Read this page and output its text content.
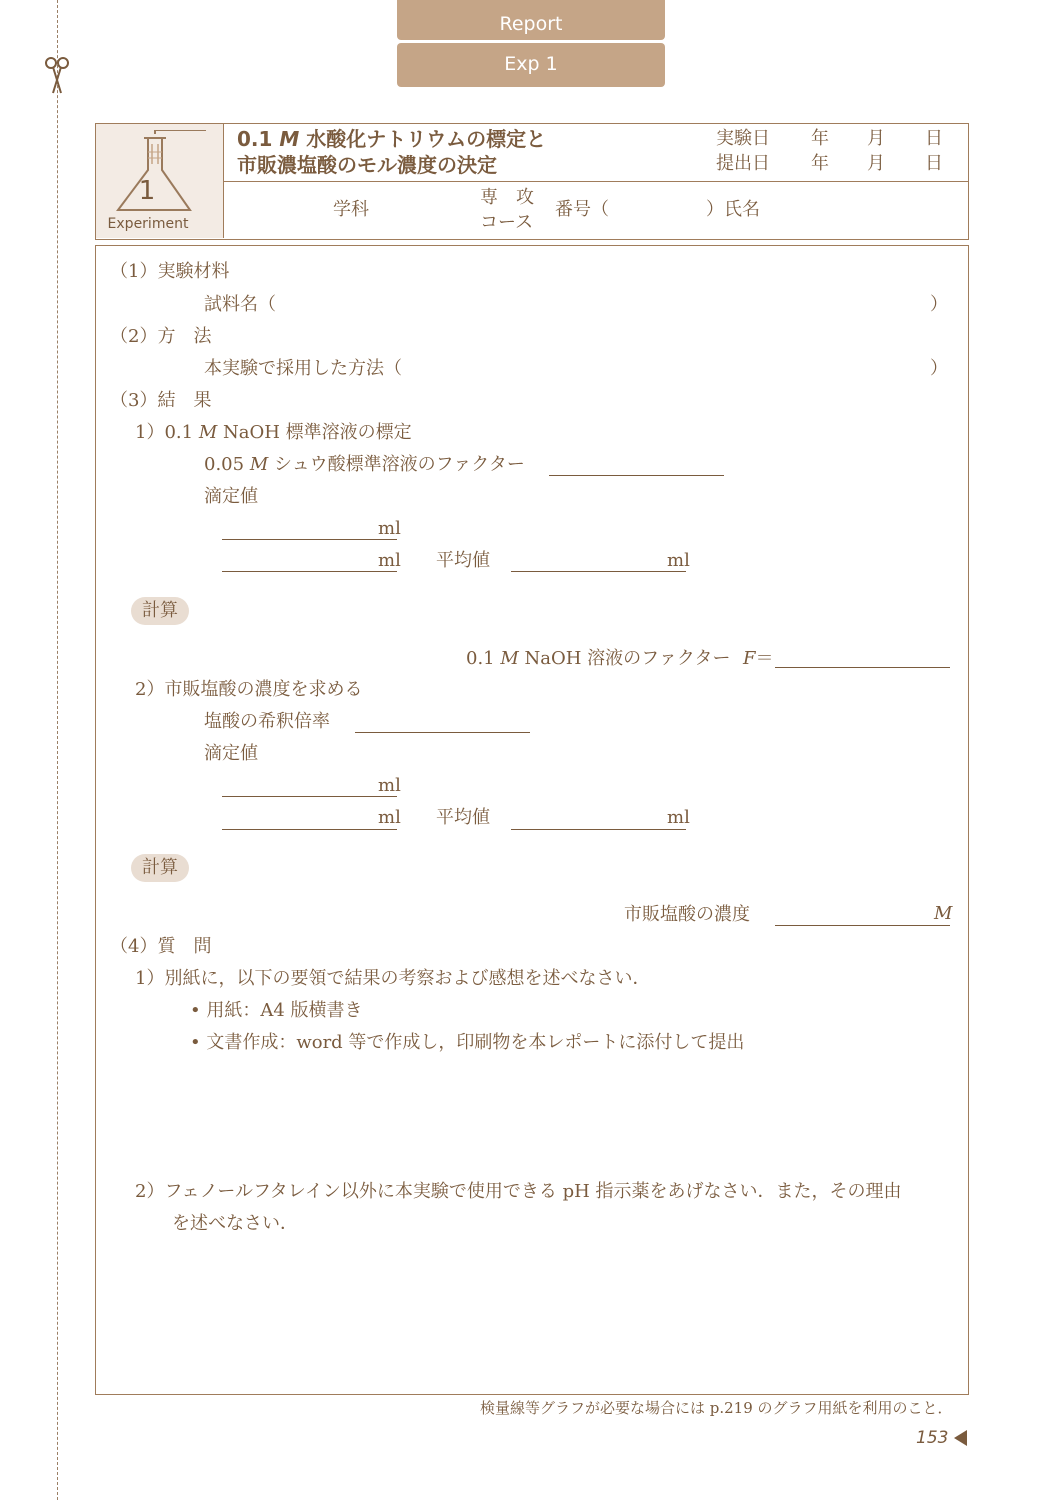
Report
Exp 1
1
Experiment
0.1 M 水酸化ナトリウムの標定と
市販濃塩酸のモル濃度の決定
実験日 年 月 日
提出日 年 月 日
学科
専　攻
コース
番号（	）氏名
（1）実験材料
試料名（	）
（2）方　法
本実験で採用した方法（	）
（3）結　果
1）0.1 M NaOH 標準溶液の標定
0.05 M シュウ酸標準溶液のファクター
滴定値
ml
ml 平均値	ml
計算
0.1 M NaOH 溶液のファクター F＝
2）市販塩酸の濃度を求める
塩酸の希釈倍率
滴定値
ml
ml 平均値	ml
計算
市販塩酸の濃度	M
（4）質　問
1）別紙に，以下の要領で結果の考察および感想を述べなさい．
• 用紙：A4 版横書き
• 文書作成：word 等で作成し，印刷物を本レポートに添付して提出
2）フェノールフタレイン以外に本実験で使用できる pH 指示薬をあげなさい．また，その理由
を述べなさい．
検量線等グラフが必要な場合には p.219 のグラフ用紙を利用のこと．
153
